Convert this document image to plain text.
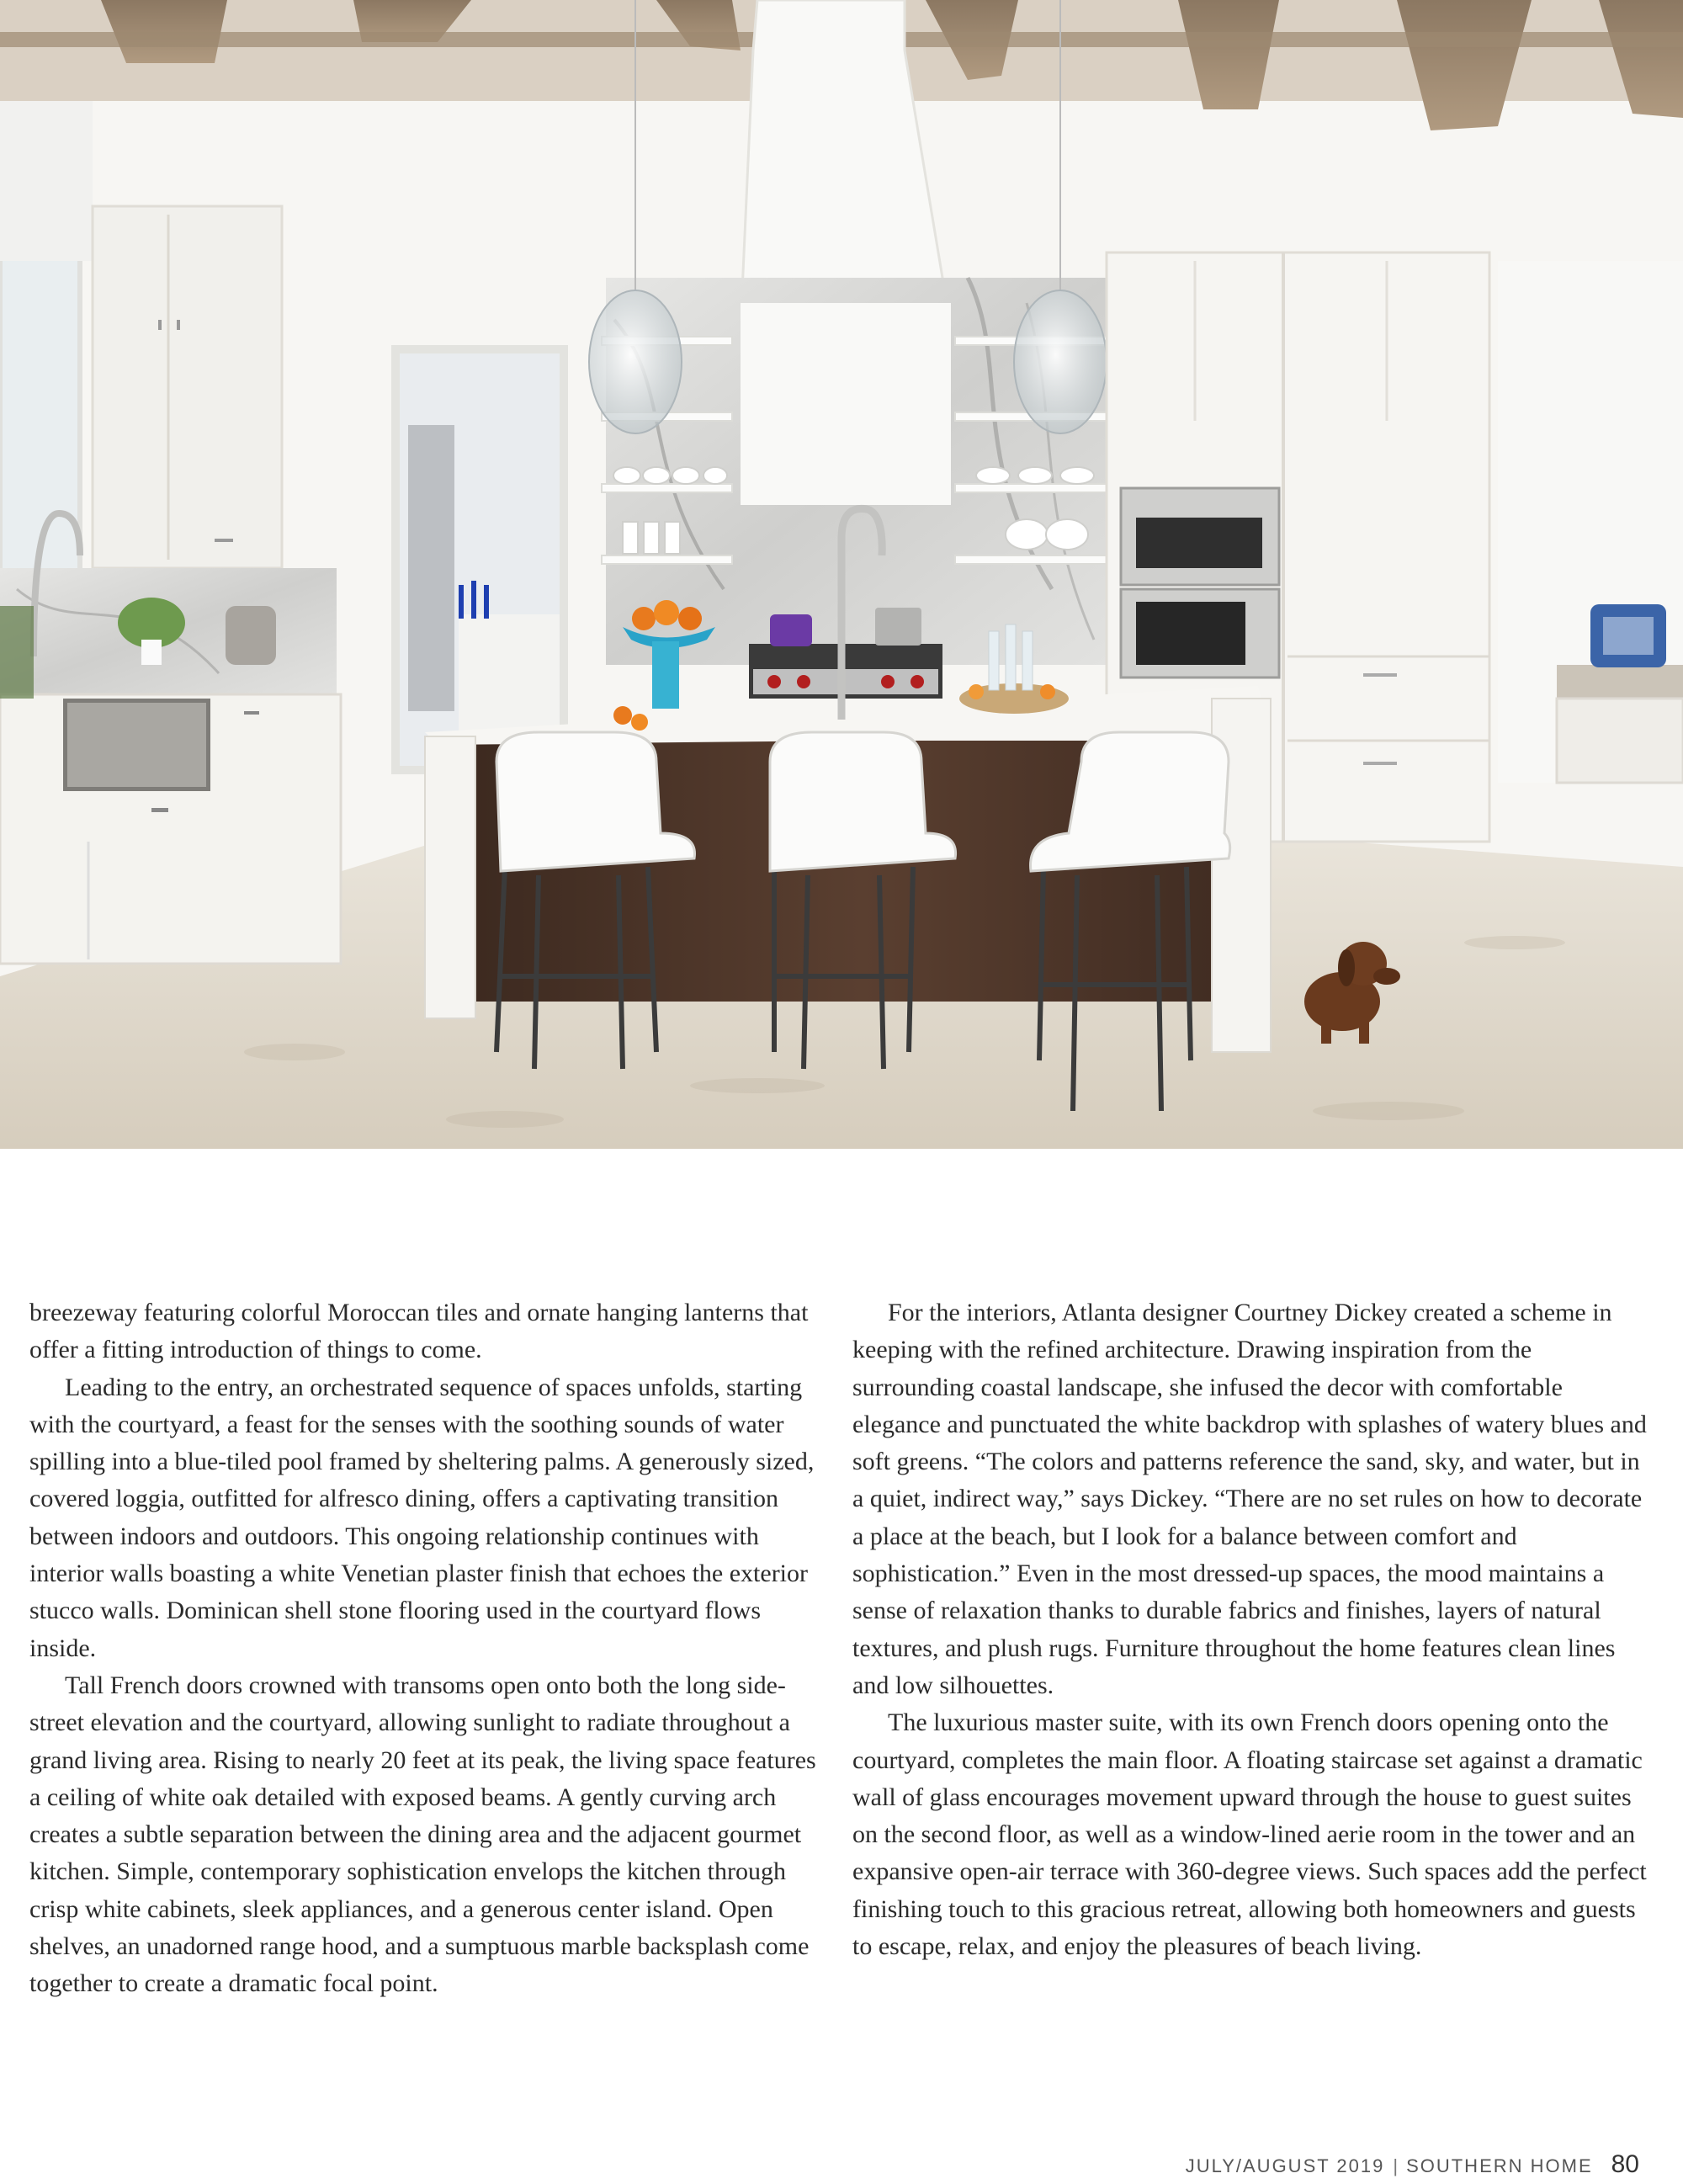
breezeway featuring colorful Moroccan tiles and ornate hanging lanterns that offer a fitting introduction of things to come.

Leading to the entry, an orchestrated sequence of spaces unfolds, starting with the courtyard, a feast for the senses with the soothing sounds of water spilling into a blue-tiled pool framed by sheltering palms. A generously sized, covered loggia, outfitted for alfresco dining, offers a captivating transition between indoors and outdoors. This ongoing relationship continues with interior walls boasting a white Venetian plaster finish that echoes the exterior stucco walls. Dominican shell stone flooring used in the courtyard flows inside.

Tall French doors crowned with transoms open onto both the long side-street elevation and the courtyard, allowing sunlight to radiate throughout a grand living area. Rising to nearly 20 feet at its peak, the living space features a ceiling of white oak detailed with exposed beams. A gently curving arch creates a subtle separation between the dining area and the adjacent gourmet kitchen. Simple, contemporary sophistication envelops the kitchen through crisp white cabinets, sleek appliances, and a generous center island. Open shelves, an unadorned range hood, and a sumptuous marble backsplash come together to create a dramatic focal point.

For the interiors, Atlanta designer Courtney Dickey created a scheme in keeping with the refined architecture. Drawing inspiration from the surrounding coastal landscape, she infused the decor with comfortable elegance and punctuated the white backdrop with splashes of watery blues and soft greens. “The colors and patterns reference the sand, sky, and water, but in a quiet, indirect way,” says Dickey. “There are no set rules on how to decorate a place at the beach, but I look for a balance between comfort and sophistication.” Even in the most dressed-up spaces, the mood maintains a sense of relaxation thanks to durable fabrics and finishes, layers of natural textures, and plush rugs. Furniture throughout the home features clean lines and low silhouettes.

The luxurious master suite, with its own French doors opening onto the courtyard, completes the main floor. A floating staircase set against a dramatic wall of glass encourages movement upward through the house to guest suites on the second floor, as well as a window-lined aerie room in the tower and an expansive open-air terrace with 360-degree views. Such spaces add the perfect finishing touch to this gracious retreat, allowing both homeowners and guests to escape, relax, and enjoy the pleasures of beach living.

JULY/AUGUST 2019 | SOUTHERN HOME 80
